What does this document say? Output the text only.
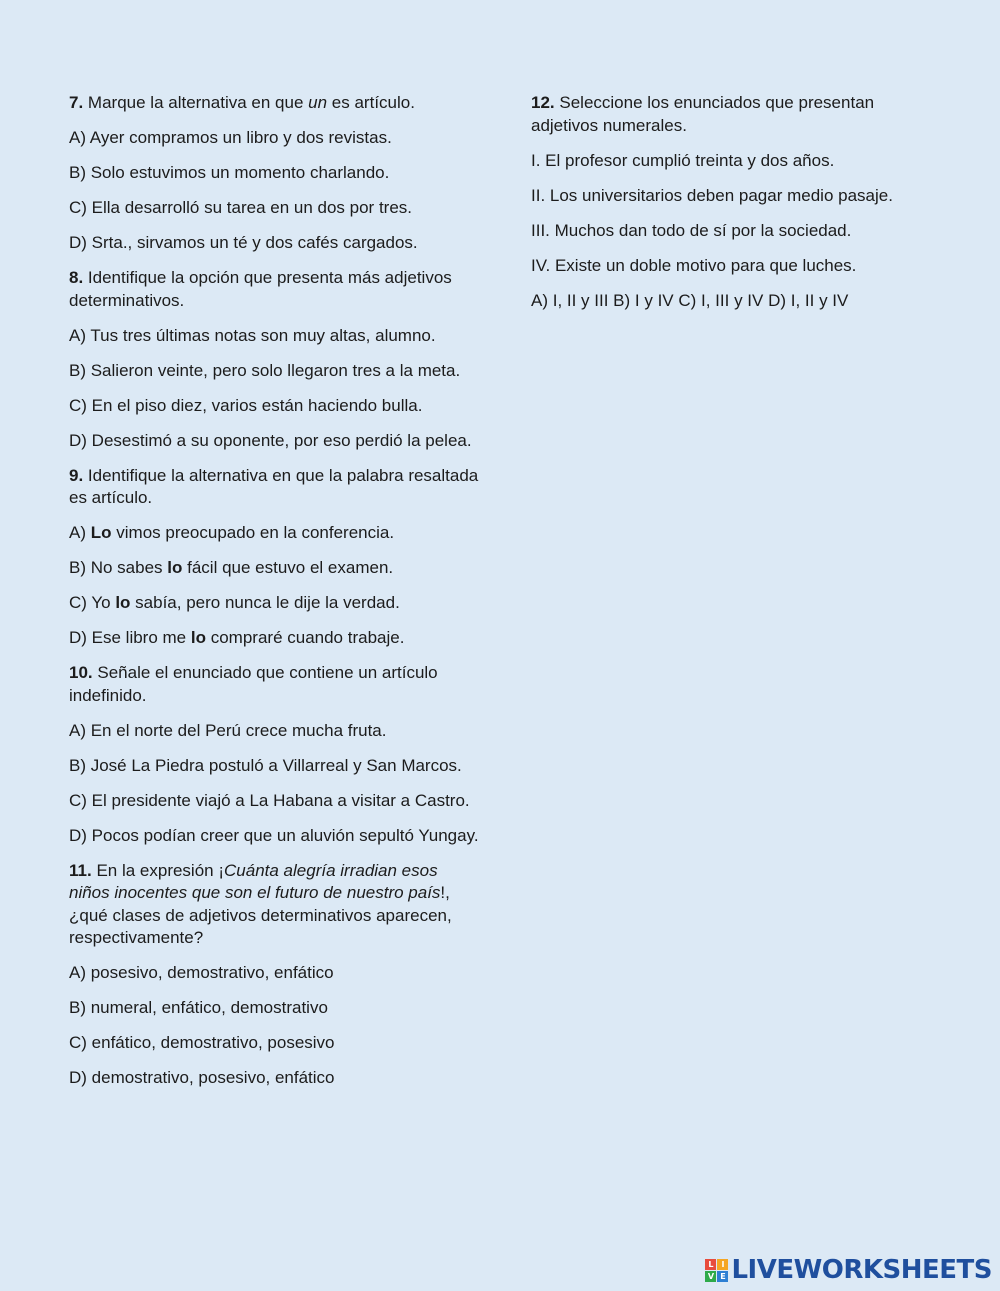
7. Marque la alternativa en que un es artículo.
A) Ayer compramos un libro y dos revistas.
B) Solo estuvimos un momento charlando.
C) Ella desarrolló su tarea en un dos por tres.
D) Srta., sirvamos un té y dos cafés cargados.
8. Identifique la opción que presenta más adjetivos determinativos.
A) Tus tres últimas notas son muy altas, alumno.
B) Salieron veinte, pero solo llegaron tres a la meta.
C) En el piso diez, varios están haciendo bulla.
D) Desestimó a su oponente, por eso perdió la pelea.
9. Identifique la alternativa en que la palabra resaltada es artículo.
A) Lo vimos preocupado en la conferencia.
B) No sabes lo fácil que estuvo el examen.
C) Yo lo sabía, pero nunca le dije la verdad.
D) Ese libro me lo compraré cuando trabaje.
10. Señale el enunciado que contiene un artículo indefinido.
A) En el norte del Perú crece mucha fruta.
B) José La Piedra postuló a Villarreal y San Marcos.
C) El presidente viajó a La Habana a visitar a Castro.
D) Pocos podían creer que un aluvión sepultó Yungay.
11. En la expresión ¡Cuánta alegría irradian esos niños inocentes que son el futuro de nuestro país!, ¿qué clases de adjetivos determinativos aparecen, respectivamente?
A) posesivo, demostrativo, enfático
B) numeral, enfático, demostrativo
C) enfático, demostrativo, posesivo
D) demostrativo, posesivo, enfático
12. Seleccione los enunciados que presentan adjetivos numerales.
I. El profesor cumplió treinta y dos años.
II. Los universitarios deben pagar medio pasaje.
III. Muchos dan todo de sí por la sociedad.
IV. Existe un doble motivo para que luches.
A) I, II y III B) I y IV C) I, III y IV D) I, II y IV
L I
V E LIVEWORKSHEETS
